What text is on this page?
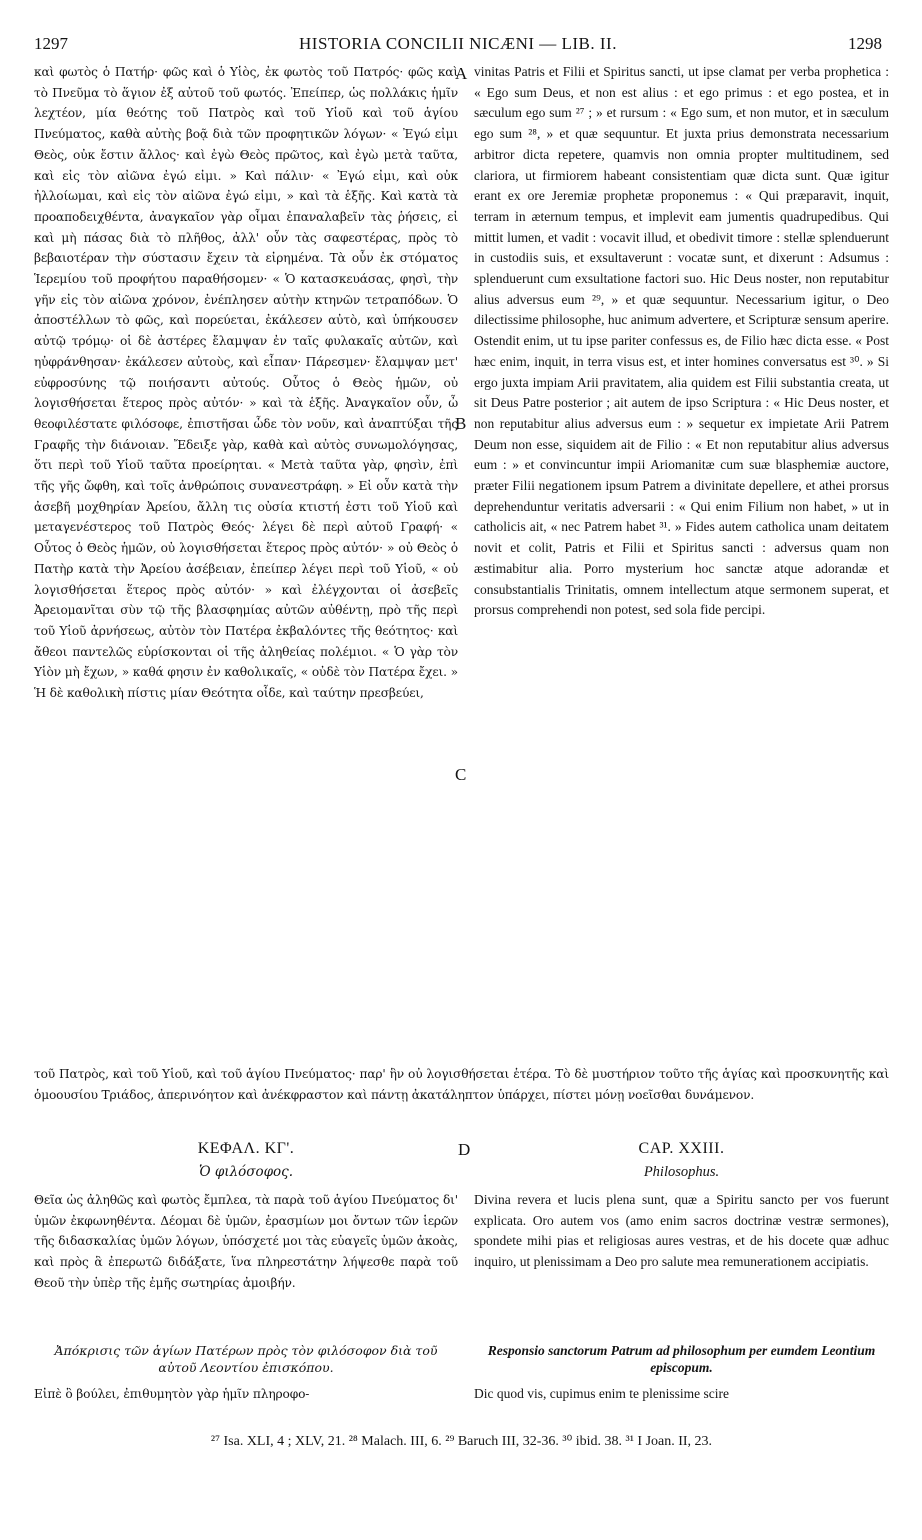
1297	HISTORIA CONCILII NICÆNI — LIB. II.	1298

καὶ φωτὸς ὁ Πατήρ· φῶς καὶ ὁ Υἱὸς, ἐκ φωτὸς τοῦ Πατρός· φῶς καὶ τὸ Πνεῦμα τὸ ἅγιον ἐξ αὐτοῦ τοῦ φωτός. Ἐπείπερ, ὡς πολλάκις ἡμῖν λεχτέον, μία θεότης τοῦ Πατρὸς καὶ τοῦ Υἱοῦ καὶ τοῦ ἁγίου Πνεύματος, καθὰ αὐτὴς βοᾷ διὰ τῶν προφητικῶν λόγων· « Ἐγώ εἰμι Θεὸς, οὐκ ἔστιν ἄλλος· καὶ ἐγὼ Θεὸς πρῶτος, καὶ ἐγὼ μετὰ ταῦτα, καὶ εἰς τὸν αἰῶνα ἐγώ εἰμι. » Καὶ πάλιν· « Ἐγώ εἰμι, καὶ οὐκ ἠλλοίωμαι, καὶ εἰς τὸν αἰῶνα ἐγώ εἰμι, » καὶ τὰ ἑξῆς. Καὶ κατὰ τὰ προαποδειχθέντα, ἀναγκαῖον γὰρ οἶμαι ἐπαναλαβεῖν τὰς ῥήσεις, εἰ καὶ μὴ πάσας διὰ τὸ πλῆθος, ἀλλ' οὖν τὰς σαφεστέρας, πρὸς τὸ βεβαιοτέραν τὴν σύστασιν ἔχειν τὰ εἰρημένα. Τὰ οὖν ἐκ στόματος Ἱερεμίου τοῦ προφήτου παραθήσομεν· « Ὁ κατασκευάσας, φησὶ, τὴν γῆν εἰς τὸν αἰῶνα χρόνον, ἐνέπλησεν αὐτὴν κτηνῶν τετραπόδων. Ὁ ἀποστέλλων τὸ φῶς, καὶ πορεύεται, ἐκάλεσεν αὐτὸ, καὶ ὑπήκουσεν αὐτῷ τρόμῳ· οἱ δὲ ἀστέρες ἔλαμψαν ἐν ταῖς φυλακαῖς αὐτῶν, καὶ ηὐφράνθησαν· ἐκάλεσεν αὐτοὺς, καὶ εἶπαν· Πάρεσμεν· ἔλαμψαν μετ' εὐφροσύνης τῷ ποιήσαντι αὐτούς. Οὗτος ὁ Θεὸς ἡμῶν, οὐ λογισθήσεται ἕτερος πρὸς αὐτόν· » καὶ τὰ ἑξῆς. Ἀναγκαῖον οὖν, ὦ θεοφιλέστατε φιλόσοφε, ἐπιστῆσαι ὧδε τὸν νοῦν, καὶ ἀναπτύξαι τῆς Γραφῆς τὴν διάνοιαν. Ἔδειξε γὰρ, καθὰ καὶ αὐτὸς συνωμολόγησας, ὅτι περὶ τοῦ Υἱοῦ ταῦτα προείρηται. « Μετὰ ταῦτα γὰρ, φησὶν, ἐπὶ τῆς γῆς ὤφθη, καὶ τοῖς ἀνθρώποις συνανεστράφη. » Εἰ οὖν κατὰ τὴν ἀσεβῆ μοχθηρίαν Ἀρείου, ἄλλη τις οὐσία κτιστή ἐστι τοῦ Υἱοῦ καὶ μεταγενέστερος τοῦ Πατρὸς Θεός· λέγει δὲ περὶ αὐτοῦ Γραφή· « Οὗτος ὁ Θεὸς ἡμῶν, οὐ λογισθήσεται ἕτερος πρὸς αὐτόν· » οὐ Θεὸς ὁ Πατὴρ κατὰ τὴν Ἀρείου ἀσέβειαν, ἐπείπερ λέγει περὶ τοῦ Υἱοῦ, « οὐ λογισθήσεται ἕτερος πρὸς αὐτόν· » καὶ ἐλέγχονται οἱ ἀσεβεῖς Ἀρειομανῖται σὺν τῷ τῆς βλασφημίας αὐτῶν αὐθέντῃ, πρὸ τῆς περὶ τοῦ Υἱοῦ ἀρνήσεως, αὐτὸν τὸν Πατέρα ἐκβαλόντες τῆς θεότητος· καὶ ἄθεοι παντελῶς εὑρίσκονται οἱ τῆς ἀληθείας πολέμιοι. « Ὁ γὰρ τὸν Υἱὸν μὴ ἔχων, » καθά φησιν ἐν καθολικαῖς, « οὐδὲ τὸν Πατέρα ἔχει. » Ἡ δὲ καθολικὴ πίστις μίαν Θεότητα οἶδε, καὶ ταύτην πρεσβεύει,

A
B
C

vinitas Patris et Filii et Spiritus sancti, ut ipse clamat per verba prophetica : « Ego sum Deus, et non est alius : et ego primus : et ego postea, et in sæculum ego sum ²⁷ ; » et rursum : « Ego sum, et non mutor, et in sæculum ego sum ²⁸, » et quæ sequuntur. Et juxta prius demonstrata necessarium arbitror dicta repetere, quamvis non omnia propter multitudinem, sed clariora, ut firmiorem habeant consistentiam quæ dicta sunt. Quæ igitur erant ex ore Jeremiæ prophetæ proponemus : « Qui præparavit, inquit, terram in æternum tempus, et implevit eam jumentis quadrupedibus. Qui mittit lumen, et vadit : vocavit illud, et obedivit timore : stellæ splenduerunt in custodiis suis, et exsultaverunt : vocatæ sunt, et dixerunt : Adsumus : splenduerunt cum exsultatione factori suo. Hic Deus noster, non reputabitur alius adversus eum ²⁹, » et quæ sequuntur. Necessarium igitur, o Deo dilectissime philosophe, huc animum advertere, et Scripturæ sensum aperire. Ostendit enim, ut tu ipse pariter confessus es, de Filio hæc dicta esse. « Post hæc enim, inquit, in terra visus est, et inter homines conversatus est ³⁰. » Si ergo juxta impiam Arii pravitatem, alia quidem est Filii substantia creata, ut sit Deus Patre posterior ; ait autem de ipso Scriptura : « Hic Deus noster, et non reputabitur alius adversus eum : » sequetur ex impietate Arii Patrem Deum non esse, siquidem ait de Filio : « Et non reputabitur alius adversus eum : » et convincuntur impii Ariomanitæ cum suæ blasphemiæ auctore, præter Filii negationem ipsum Patrem a divinitate depellere, et athei prorsus deprehenduntur veritatis adversarii : « Qui enim Filium non habet, » ut in catholicis ait, « nec Patrem habet ³¹. » Fides autem catholica unam deitatem novit et colit, Patris et Filii et Spiritus sancti : adversus quam non æstimabitur alia. Porro mysterium hoc sanctæ atque adorandæ et consubstantialis Trinitatis, omnem intellectum atque sermonem superat, et prorsus comprehendi non potest, sed sola fide percipi.

τοῦ Πατρὸς, καὶ τοῦ Υἱοῦ, καὶ τοῦ ἁγίου Πνεύματος· παρ' ἣν οὐ λογισθήσεται ἑτέρα. Τὸ δὲ μυστήριον τοῦτο τῆς ἁγίας καὶ προσκυνητῆς καὶ ὁμοουσίου Τριάδος, ἀπερινόητον καὶ ἀνέκφραστον καὶ πάντῃ ἀκατάληπτον ὑπάρχει, πίστει μόνῃ νοεῖσθαι δυνάμενον.

ΚΕΦΑΛ. ΚΓ'.
Ὁ φιλόσοφος.
D	CAP. XXIII.
Philosophus.

Θεῖα ὡς ἀληθῶς καὶ φωτὸς ἔμπλεα, τὰ παρὰ τοῦ ἁγίου Πνεύματος δι' ὑμῶν ἐκφωνηθέντα. Δέομαι δὲ ὑμῶν, ἐρασμίων μοι ὄντων τῶν ἱερῶν τῆς διδασκαλίας ὑμῶν λόγων, ὑπόσχετέ μοι τὰς εὐαγεῖς ὑμῶν ἀκοὰς, καὶ πρὸς ἃ ἐπερωτῶ διδάξατε, ἵνα πληρεστάτην λήψεσθε παρὰ τοῦ Θεοῦ τὴν ὑπὲρ τῆς ἐμῆς σωτηρίας ἀμοιβήν.

Divina revera et lucis plena sunt, quæ a Spiritu sancto per vos fuerunt explicata. Oro autem vos (amo enim sacros doctrinæ vestræ sermones), spondete mihi pias et religiosas aures vestras, et de his docete quæ adhuc inquiro, ut plenissimam a Deo pro salute mea remunerationem accipiatis.

Ἀπόκρισις τῶν ἁγίων Πατέρων πρὸς τὸν φιλόσοφον διὰ τοῦ αὐτοῦ Λεοντίου ἐπισκόπου.
Responsio sanctorum Patrum ad philosophum per eumdem Leontium episcopum.

Εἰπὲ ὃ βούλει, ἐπιθυμητὸν γὰρ ἡμῖν πληροφο-	Dic quod vis, cupimus enim te plenissime scire

²⁷ Isa. XLI, 4 ; XLV, 21. ²⁸ Malach. III, 6. ²⁹ Baruch III, 32-36. ³⁰ ibid. 38. ³¹ I Joan. II, 23.
